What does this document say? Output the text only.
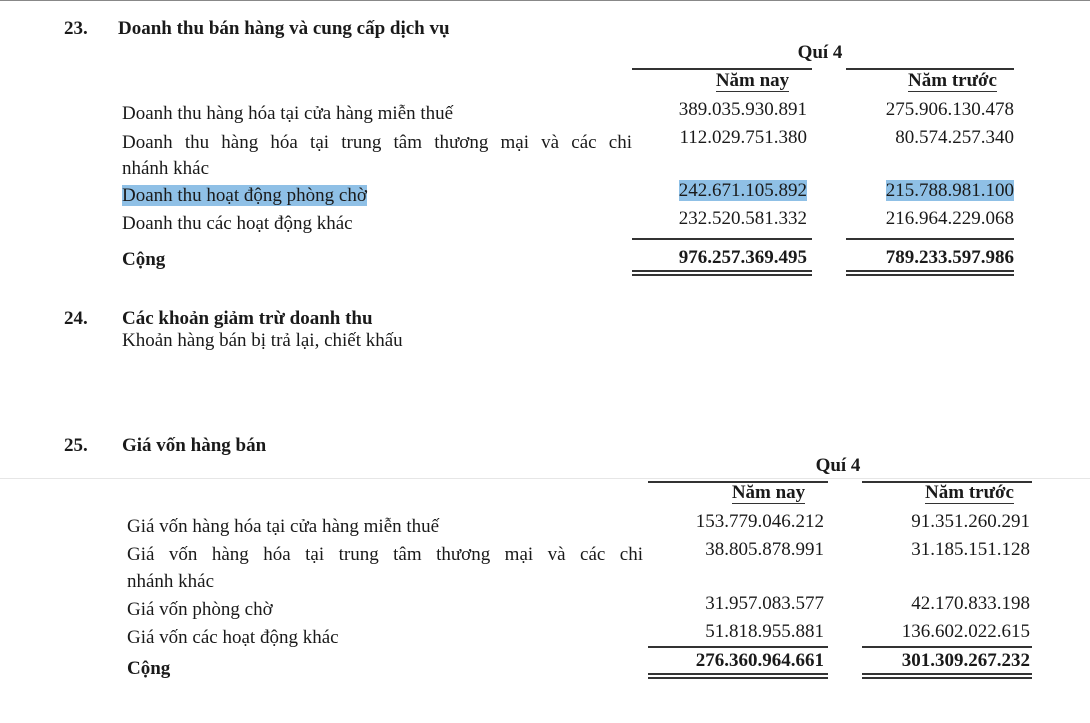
23. Doanh thu bán hàng và cung cấp dịch vụ
Quí 4
Năm nay	Năm trước
Doanh thu hàng hóa tại cửa hàng miễn thuế	389.035.930.891	275.906.130.478
Doanh thu hàng hóa tại trung tâm thương mại và các chi
nhánh khác
112.029.751.380	80.574.257.340
Doanh thu hoạt động phòng chờ	242.671.105.892	215.788.981.100
Doanh thu các hoạt động khác	232.520.581.332	216.964.229.068
Cộng	976.257.369.495	789.233.597.986
24. Các khoản giảm trừ doanh thu
Khoản hàng bán bị trả lại, chiết khấu
25. Giá vốn hàng bán
Quí 4
Năm nay	Năm trước
Giá vốn hàng hóa tại cửa hàng miễn thuế	153.779.046.212	91.351.260.291
Giá vốn hàng hóa tại trung tâm thương mại và các chi
nhánh khác
38.805.878.991	31.185.151.128
Giá vốn phòng chờ	31.957.083.577	42.170.833.198
Giá vốn các hoạt động khác	51.818.955.881	136.602.022.615
Cộng	276.360.964.661	301.309.267.232
